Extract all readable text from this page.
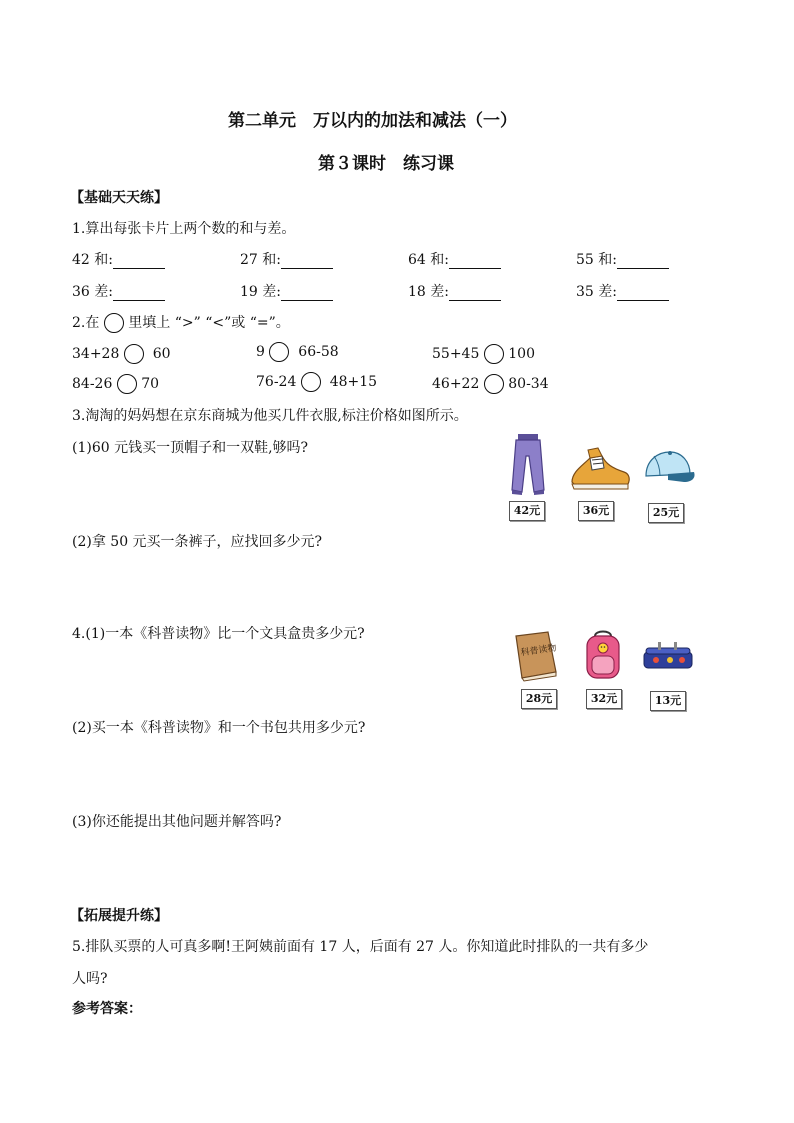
第二单元　万以内的加法和减法（一）
第３课时　练习课
【基础天天练】
1.算出每张卡片上两个数的和与差。
42 和:	27 和:	64 和:	55 和:
36 差:	19 差:	18 差:	35 差:
2.在 里填上 “>” “<”或 “=”。
34+28 60	9 66-58	55+45 100
84-26 70	76-24 48+15	46+22 80-34
3.淘淘的妈妈想在京东商城为他买几件衣服,标注价格如图所示。
(1)60 元钱买一顶帽子和一双鞋,够吗?
(2)拿 50 元买一条裤子，应找回多少元?
42元	36元	25元
4.(1)一本《科普读物》比一个文具盒贵多少元?
(2)买一本《科普读物》和一个书包共用多少元?
(3)你还能提出其他问题并解答吗?
科普读物
28元	32元	13元
【拓展提升练】
5.排队买票的人可真多啊!王阿姨前面有 17 人，后面有 27 人。你知道此时排队的一共有多少
人吗?
参考答案：
